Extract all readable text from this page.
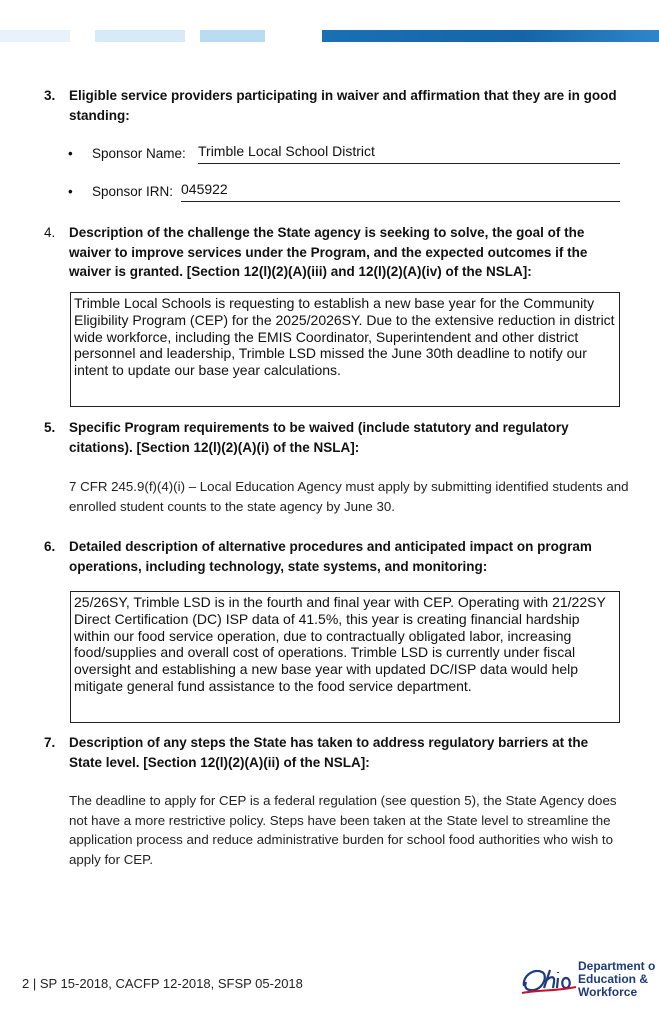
3.	Eligible service providers participating in waiver and affirmation that they are in good standing:
• Sponsor Name: Trimble Local School District
• Sponsor IRN: 045922
4.	Description of the challenge the State agency is seeking to solve, the goal of the waiver to improve services under the Program, and the expected outcomes if the waiver is granted. [Section 12(l)(2)(A)(iii) and 12(l)(2)(A)(iv) of the NSLA]:
Trimble Local Schools is requesting to establish a new base year for the Community Eligibility Program (CEP) for the 2025/2026SY. Due to the extensive reduction in district wide workforce, including the EMIS Coordinator, Superintendent and other district personnel and leadership, Trimble LSD missed the June 30th deadline to notify our intent to update our base year calculations.
5.	Specific Program requirements to be waived (include statutory and regulatory citations). [Section 12(l)(2)(A)(i) of the NSLA]:
7 CFR 245.9(f)(4)(i) – Local Education Agency must apply by submitting identified students and enrolled student counts to the state agency by June 30.
6.	Detailed description of alternative procedures and anticipated impact on program operations, including technology, state systems, and monitoring:
25/26SY, Trimble LSD is in the fourth and final year with CEP. Operating with 21/22SY Direct Certification (DC) ISP data of 41.5%, this year is creating financial hardship within our food service operation, due to contractually obligated labor, increasing food/supplies and overall cost of operations. Trimble LSD is currently under fiscal oversight and establishing a new base year with updated DC/ISP data would help mitigate general fund assistance to the food service department.
7.	Description of any steps the State has taken to address regulatory barriers at the State level. [Section 12(l)(2)(A)(ii) of the NSLA]:
The deadline to apply for CEP is a federal regulation (see question 5), the State Agency does not have a more restrictive policy. Steps have been taken at the State level to streamline the application process and reduce administrative burden for school food authorities who wish to apply for CEP.
2 | SP 15-2018, CACFP 12-2018, SFSP 05-2018
Department o
Education &
Workforce
